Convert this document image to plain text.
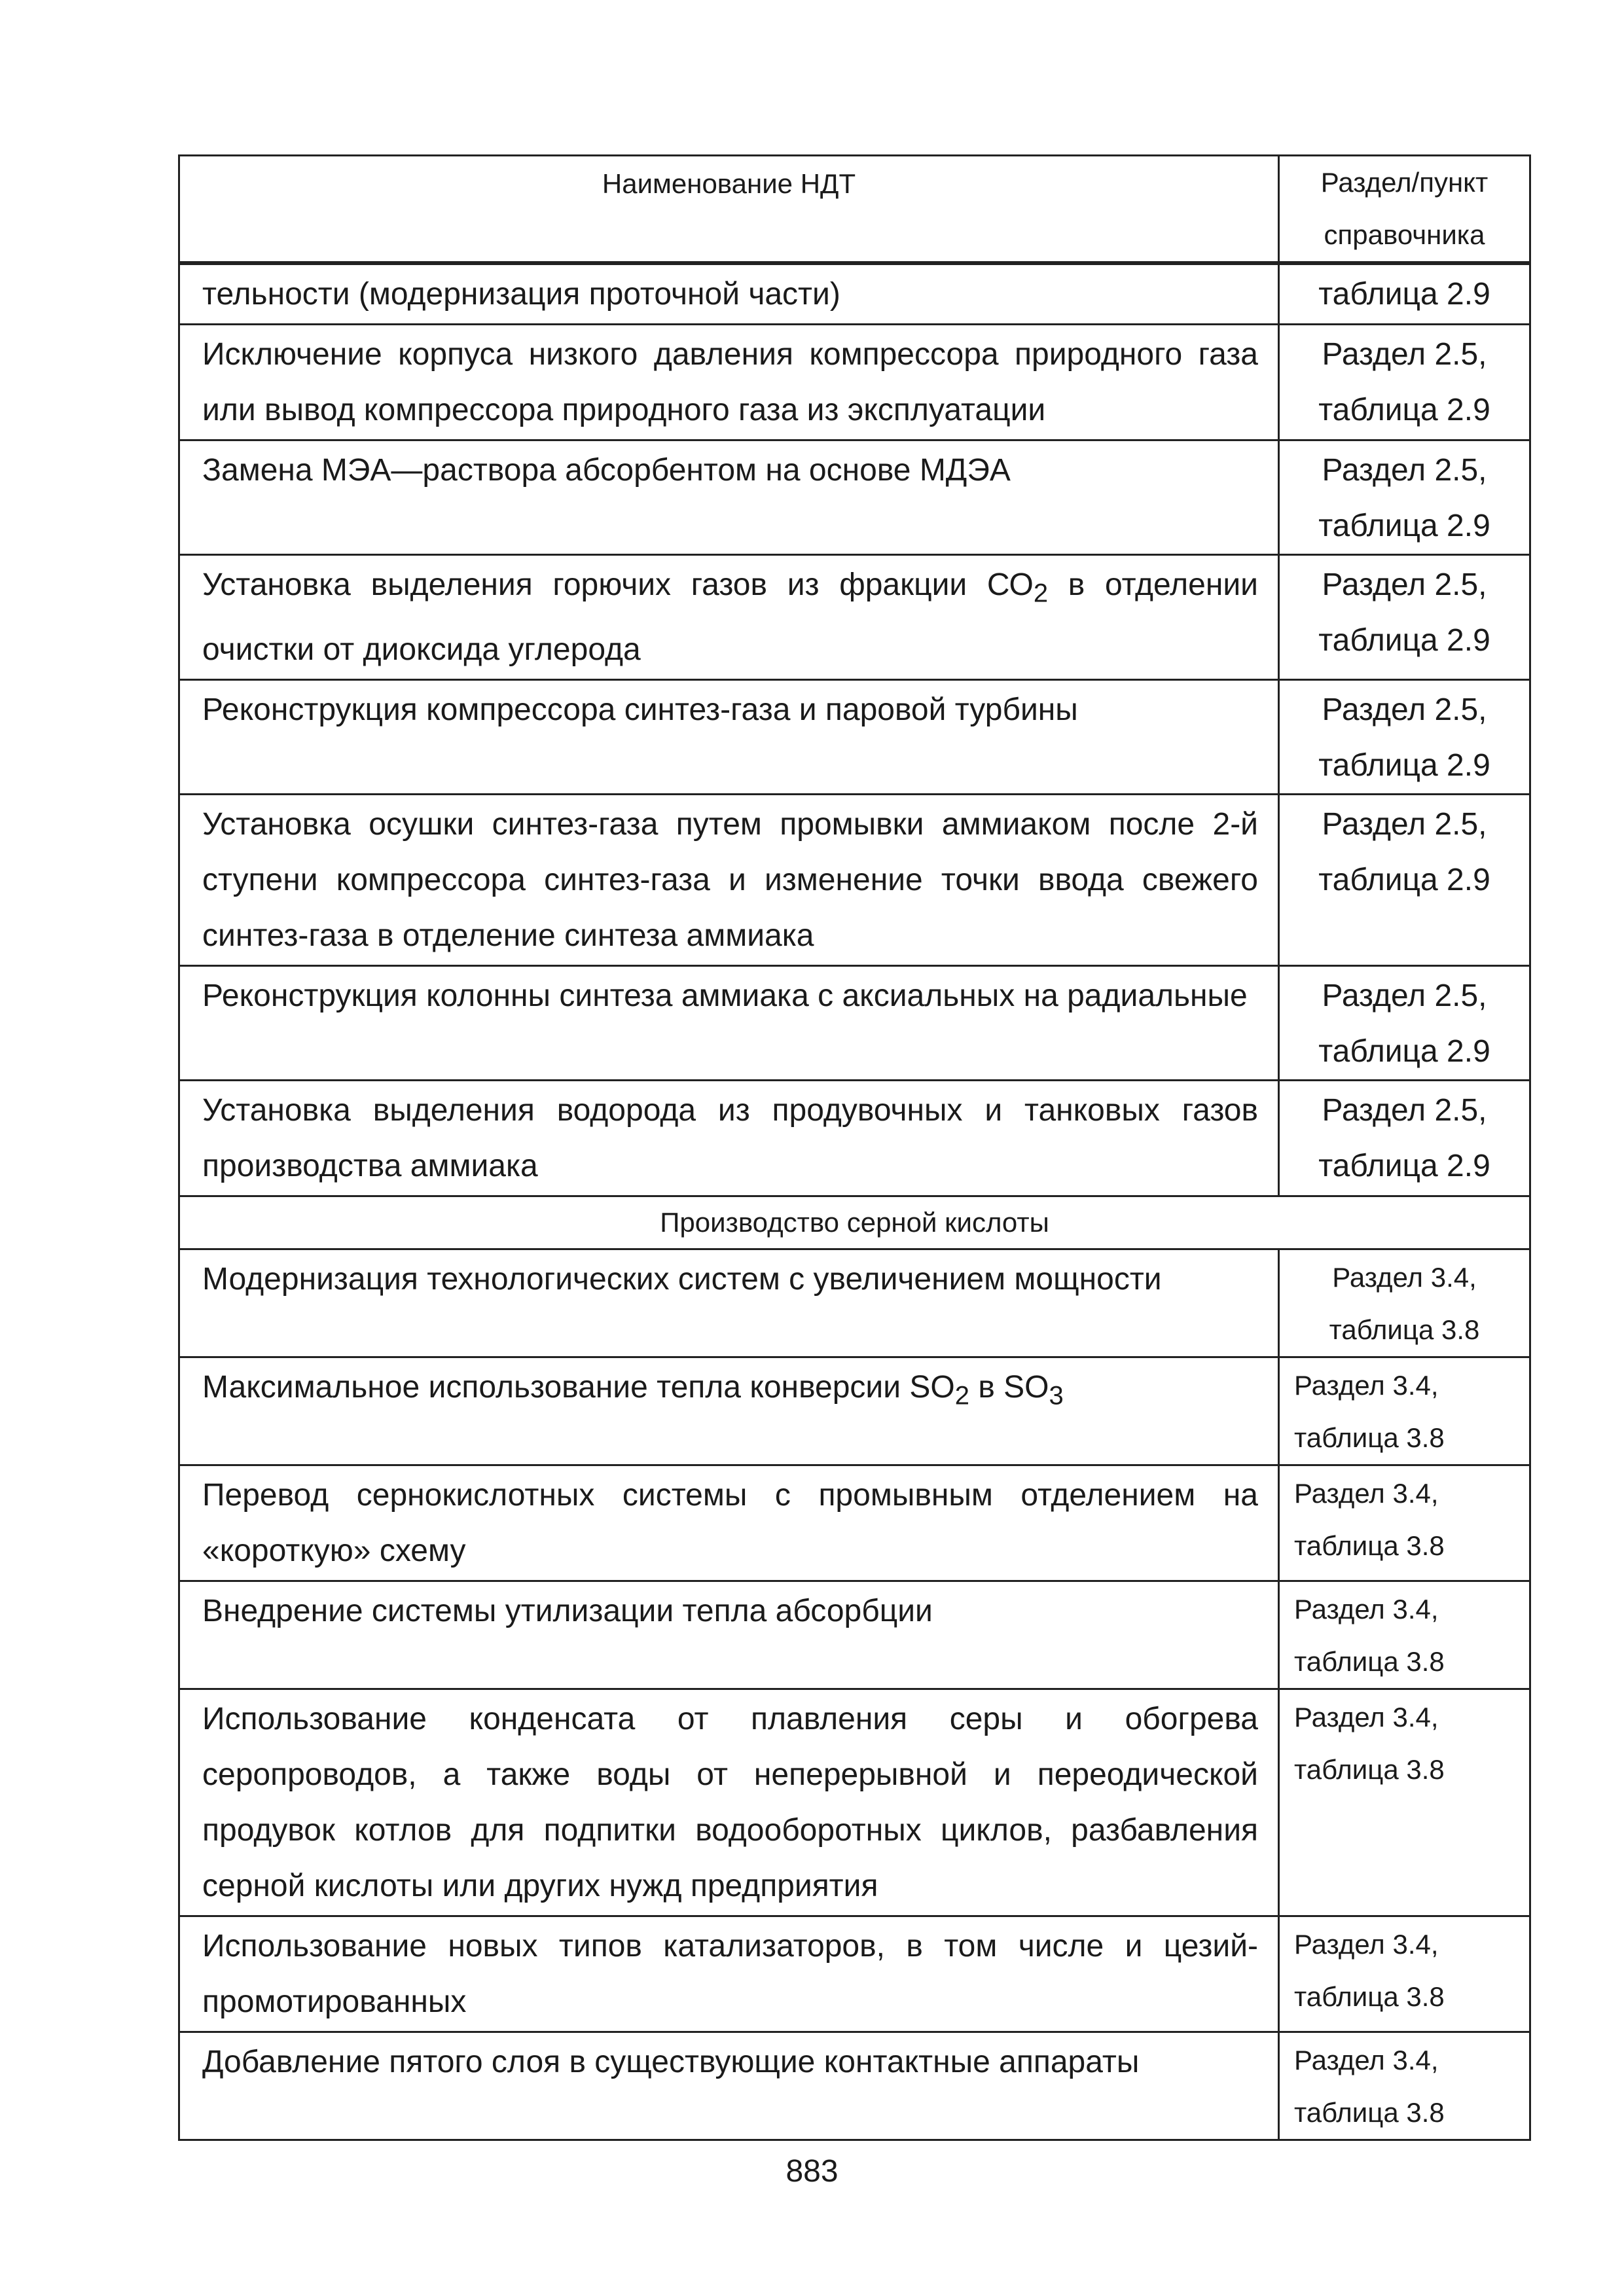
Наименование НДТ	Раздел/пункт
справочника

тельности (модернизация проточной части)	таблица 2.9

Исключение корпуса низкого давления компрессора природного газа или вывод компрессора природного газа из эксплуатации	Раздел 2.5,
таблица 2.9

Замена МЭА—раствора абсорбентом на основе МДЭА	Раздел 2.5,
таблица 2.9

Установка выделения горючих газов из фракции $СО_2$ в отделении очистки от диоксида углерода	Раздел 2.5,
таблица 2.9

Реконструкция компрессора синтез-газа и паровой турбины	Раздел 2.5,
таблица 2.9

Установка осушки синтез-газа путем промывки аммиаком после 2-й ступени компрессора синтез-газа и изменение точки ввода свежего синтез-газа в отделение синтеза аммиака	Раздел 2.5,
таблица 2.9

Реконструкция колонны синтеза аммиака с аксиальных на радиальные	Раздел 2.5,
таблица 2.9

Установка выделения водорода из продувочных и танковых газов производства аммиака	Раздел 2.5,
таблица 2.9

Производство серной кислоты	
Модернизация технологических систем с увеличением мощности	Раздел 3.4,
таблица 3.8

Максимальное использование тепла конверсии $SO_2$ в $SO_3$	Раздел 3.4,
таблица 3.8

Перевод сернокислотных системы с промывным отделением на «короткую» схему	Раздел 3.4,
таблица 3.8

Внедрение системы утилизации тепла абсорбции	Раздел 3.4,
таблица 3.8

Использование конденсата от плавления серы и обогрева серопроводов, а также воды от неперерывной и переодической продувок котлов для подпитки водооборотных циклов, разбавления серной кислоты или других нужд предприятия	Раздел 3.4,
таблица 3.8

Использование новых типов катализаторов, в том числе и цезий-промотированных	Раздел 3.4,
таблица 3.8

Добавление пятого слоя в существующие контактные аппараты	Раздел 3.4,
таблица 3.8
883
